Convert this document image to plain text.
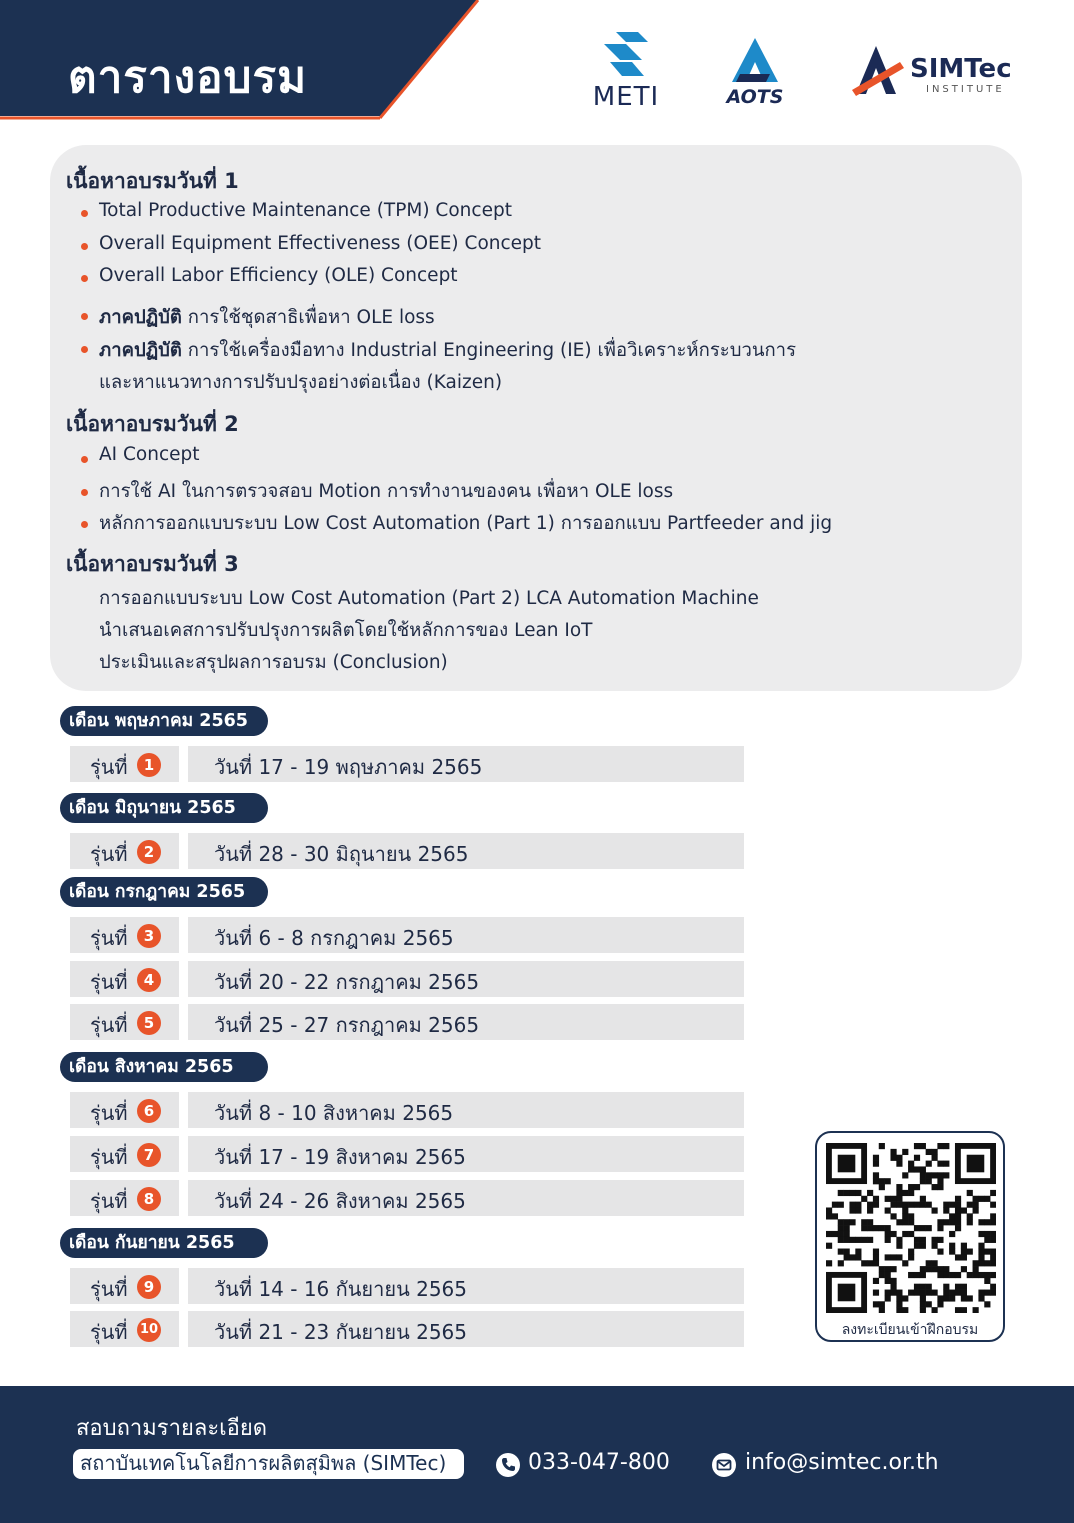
ตารางอบรม	METI	AOTS
SIMTec
INSTITUTE
เนื้อหาอบรมวันที่ 1
Total Productive Maintenance (TPM) Concept
Overall Equipment Effectiveness (OEE) Concept
Overall Labor Efficiency (OLE) Concept
ภาคปฏิบัติ การใช้ชุดสาธิเพื่อหา OLE loss
ภาคปฏิบัติ การใช้เครื่องมือทาง Industrial Engineering (IE) เพื่อวิเคราะห์กระบวนการ
และหาแนวทางการปรับปรุงอย่างต่อเนื่อง (Kaizen)
เนื้อหาอบรมวันที่ 2
AI Concept
การใช้ AI ในการตรวจสอบ Motion การทำงานของคน เพื่อหา OLE loss
หลักการออกแบบระบบ Low Cost Automation (Part 1) การออกแบบ Partfeeder and jig
เนื้อหาอบรมวันที่ 3
การออกแบบระบบ Low Cost Automation (Part 2) LCA Automation Machine
นำเสนอเคสการปรับปรุงการผลิตโดยใช้หลักการของ Lean IoT
ประเมินและสรุปผลการอบรม (Conclusion)
เดือน พฤษภาคม 2565
รุ่นที่	1	วันที่ 17 - 19 พฤษภาคม 2565
เดือน มิถุนายน 2565
รุ่นที่	2	วันที่ 28 - 30 มิถุนายน 2565
เดือน กรกฎาคม 2565
รุ่นที่	3	วันที่ 6 - 8 กรกฎาคม 2565
รุ่นที่	4	วันที่ 20 - 22 กรกฎาคม 2565
รุ่นที่	5	วันที่ 25 - 27 กรกฎาคม 2565
เดือน สิงหาคม 2565
รุ่นที่	6	วันที่ 8 - 10 สิงหาคม 2565
รุ่นที่	7	วันที่ 17 - 19 สิงหาคม 2565
รุ่นที่	8	วันที่ 24 - 26 สิงหาคม 2565
เดือน กันยายน 2565
รุ่นที่	9	วันที่ 14 - 16 กันยายน 2565
รุ่นที่ 10	วันที่ 21 - 23 กันยายน 2565	ลงทะเบียนเข้าฝึกอบรม
สอบถามรายละเอียด
สถาบันเทคโนโลยีการผลิตสุมิพล (SIMTec)	033-047-800	info@simtec.or.th
